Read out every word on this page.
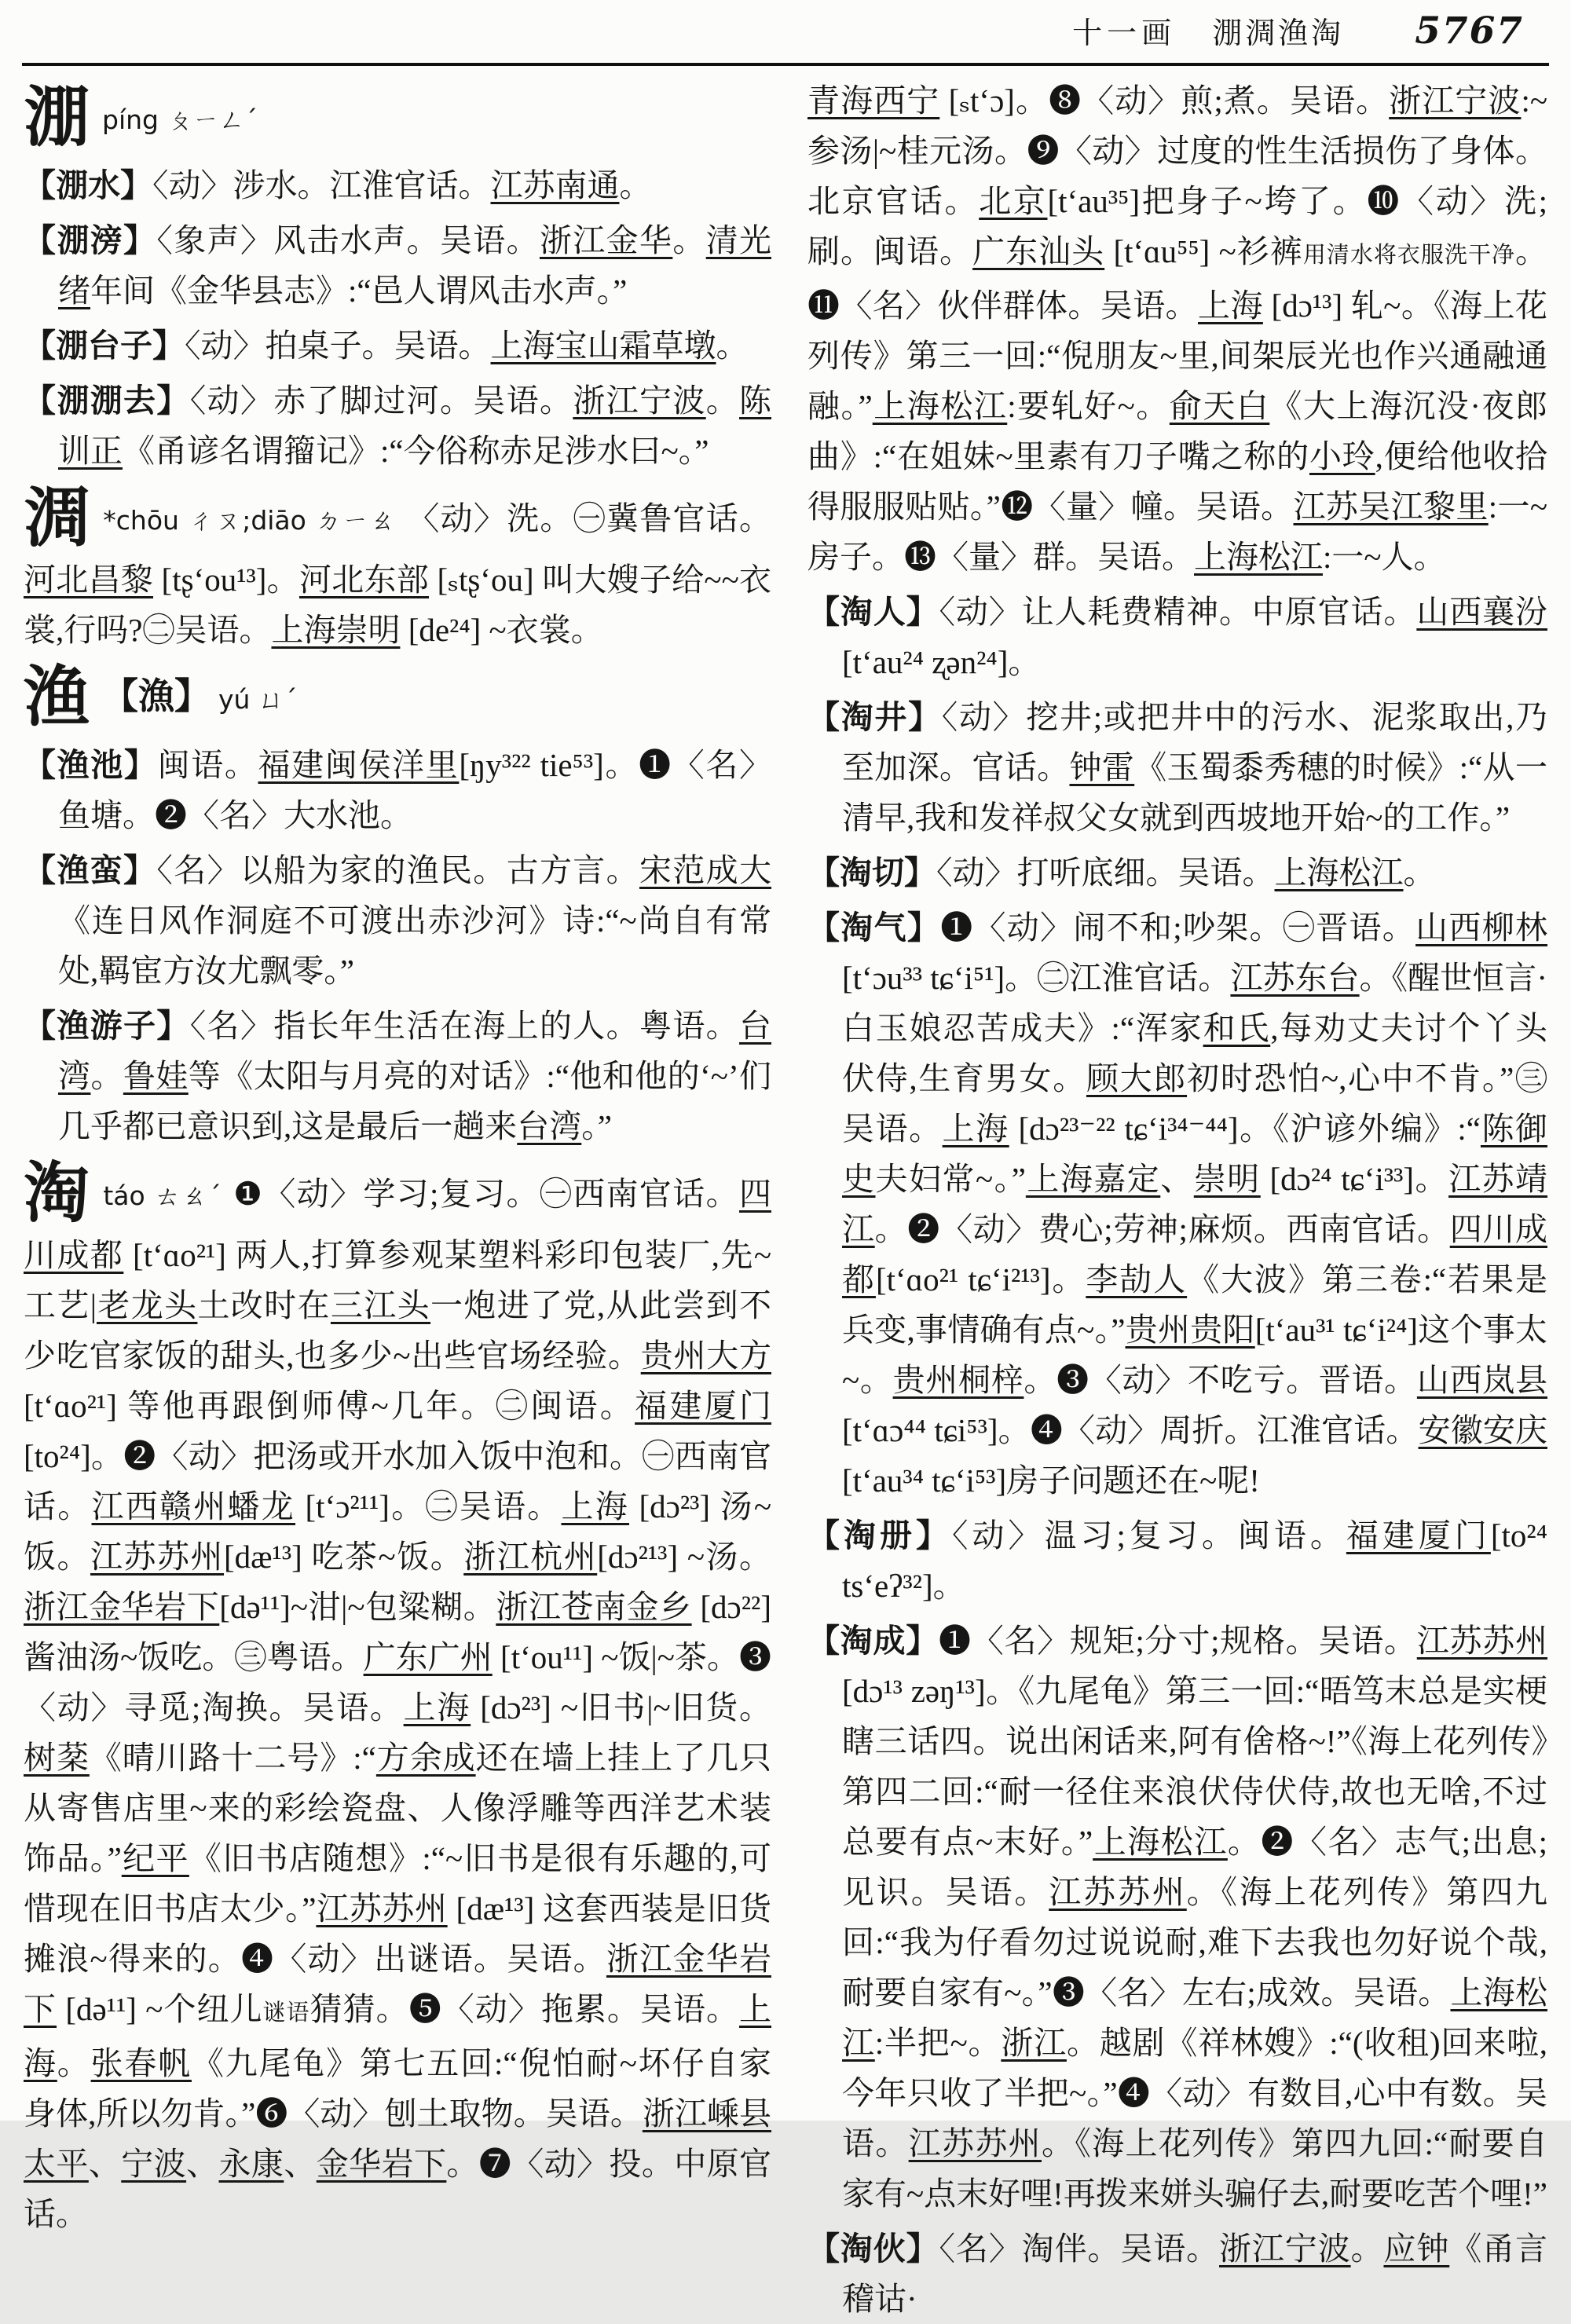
十一画 淜淍渔淘 5767

淜píng ㄆㄧㄥˊ

【淜水】〈动〉涉水。江淮官话。江苏南通。

【淜滂】〈象声〉风击水声。吴语。浙江金华。清光绪年间《金华县志》:“邑人谓风击水声。”

【淜台子】〈动〉拍桌子。吴语。上海宝山霜草墩。

【淜淜去】〈动〉赤了脚过河。吴语。浙江宁波。陈训正《甬谚名谓籀记》:“今俗称赤足涉水曰~。”

淍 *chōu ㄔㄡ;diāo ㄉㄧㄠ 〈动〉洗。㊀冀鲁官话。河北昌黎 [tʂ‘ou¹³]。河北东部 [ₛtʂ‘ou] 叫大嫂子给~~衣裳,行吗?㊁吴语。上海崇明 [de²⁴] ~衣裳。

渔 【漁】 yú ㄩˊ

【渔池】闽语。福建闽侯洋里[ŋy³²² tie⁵³]。❶〈名〉鱼塘。❷〈名〉大水池。

【渔蛮】〈名〉以船为家的渔民。古方言。宋范成大《连日风作洞庭不可渡出赤沙河》诗:“~尚自有常处,羁宦方汝尤飘零。”

【渔游子】〈名〉指长年生活在海上的人。粤语。台湾。鲁娃等《太阳与月亮的对话》:“他和他的‘~’们几乎都已意识到,这是最后一趟来台湾。”

淘táo ㄊㄠˊ ❶〈动〉学习;复习。㊀西南官话。四川成都 [t‘ɑo²¹] 两人,打算参观某塑料彩印包装厂,先~工艺|老龙头土改时在三江头一炮进了党,从此尝到不少吃官家饭的甜头,也多少~出些官场经验。贵州大方 [t‘ɑo²¹] 等他再跟倒师傅~几年。㊁闽语。福建厦门 [to²⁴]。❷〈动〉把汤或开水加入饭中泡和。㊀西南官话。江西赣州蟠龙 [t‘ɔ²¹¹]。㊁吴语。上海 [dɔ²³] 汤~饭。江苏苏州[dæ¹³] 吃茶~饭。浙江杭州[dɔ²¹³] ~汤。浙江金华岩下[də¹¹]~泔|~包粱糊。浙江苍南金乡 [dɔ²²] 酱油汤~饭吃。㊂粤语。广东广州 [t‘ou¹¹] ~饭|~茶。❸〈动〉寻觅;淘换。吴语。上海 [dɔ²³] ~旧书|~旧货。树棻《晴川路十二号》:“方余成还在墙上挂上了几只从寄售店里~来的彩绘瓷盘、人像浮雕等西洋艺术装饰品。”纪平《旧书店随想》:“~旧书是很有乐趣的,可惜现在旧书店太少。”江苏苏州 [dæ¹³] 这套西装是旧货摊浪~得来的。❹〈动〉出谜语。吴语。浙江金华岩下 [də¹¹] ~个纽儿谜语猜猜。❺〈动〉拖累。吴语。上海。张春帆《九尾龟》第七五回:“倪怕耐~坏仔自家身体,所以勿肯。”❻〈动〉刨土取物。吴语。浙江嵊县太平、宁波、永康、金华岩下。❼〈动〉投。中原官话。

青海西宁 [ₛt‘ɔ]。❽〈动〉煎;煮。吴语。浙江宁波:~参汤|~桂元汤。❾〈动〉过度的性生活损伤了身体。北京官话。北京[t‘au³⁵]把身子~垮了。❿〈动〉洗;刷。闽语。广东汕头 [t‘ɑu⁵⁵] ~衫裤用清水将衣服洗干净。⓫〈名〉伙伴群体。吴语。上海 [dɔ¹³] 轧~。《海上花列传》第三一回:“倪朋友~里,间架辰光也作兴通融通融。”上海松江:要轧好~。俞天白《大上海沉没·夜郎曲》:“在姐妹~里素有刀子嘴之称的小玲,便给他收拾得服服贴贴。”⓬〈量〉幢。吴语。江苏吴江黎里:一~房子。⓭〈量〉群。吴语。上海松江:一~人。

【淘人】〈动〉让人耗费精神。中原官话。山西襄汾 [t‘au²⁴ ʐən²⁴]。

【淘井】〈动〉挖井;或把井中的污水、泥浆取出,乃至加深。官话。钟雷《玉蜀黍秀穗的时候》:“从一清早,我和发祥叔父女就到西坡地开始~的工作。”

【淘切】〈动〉打听底细。吴语。上海松江。

【淘气】❶〈动〉闹不和;吵架。㊀晋语。山西柳林[t‘ɔu³³ tɕ‘i⁵¹]。㊁江淮官话。江苏东台。《醒世恒言·白玉娘忍苦成夫》:“浑家和氏,每劝丈夫讨个丫头伏侍,生育男女。顾大郎初时恐怕~,心中不肯。”㊂吴语。上海 [dɔ²³⁻²² tɕ‘i³⁴⁻⁴⁴]。《沪谚外编》:“陈御史夫妇常~。”上海嘉定、崇明 [dɔ²⁴ tɕ‘i³³]。江苏靖江。❷〈动〉费心;劳神;麻烦。西南官话。四川成都[t‘ɑo²¹ tɕ‘i²¹³]。李劼人《大波》第三卷:“若果是兵变,事情确有点~。”贵州贵阳[t‘au³¹ tɕ‘i²⁴]这个事太~。贵州桐梓。❸〈动〉不吃亏。晋语。山西岚县[t‘ɑɔ⁴⁴ tɕi⁵³]。❹〈动〉周折。江淮官话。安徽安庆[t‘au³⁴ tɕ‘i⁵³]房子问题还在~呢!

【淘册】〈动〉温习;复习。闽语。福建厦门[to²⁴ ts‘eʔ³²]。

【淘成】❶〈名〉规矩;分寸;规格。吴语。江苏苏州 [dɔ¹³ zəŋ¹³]。《九尾龟》第三一回:“晤笃末总是实梗瞎三话四。说出闲话来,阿有倽格~!”《海上花列传》第四二回:“耐一径住来浪伏侍伏侍,故也无啥,不过总要有点~末好。”上海松江。❷〈名〉志气;出息;见识。吴语。江苏苏州。《海上花列传》第四九回:“我为仔看勿过说说耐,难下去我也勿好说个哉,耐要自家有~。”❸〈名〉左右;成效。吴语。上海松江:半把~。浙江。越剧《祥林嫂》:“(收租)回来啦,今年只收了半把~。”❹〈动〉有数目,心中有数。吴语。江苏苏州。《海上花列传》第四九回:“耐要自家有~点末好哩!再拨来姘头骗仔去,耐要吃苦个哩!”

【淘伙】〈名〉淘伴。吴语。浙江宁波。应钟《甬言稽诂·
